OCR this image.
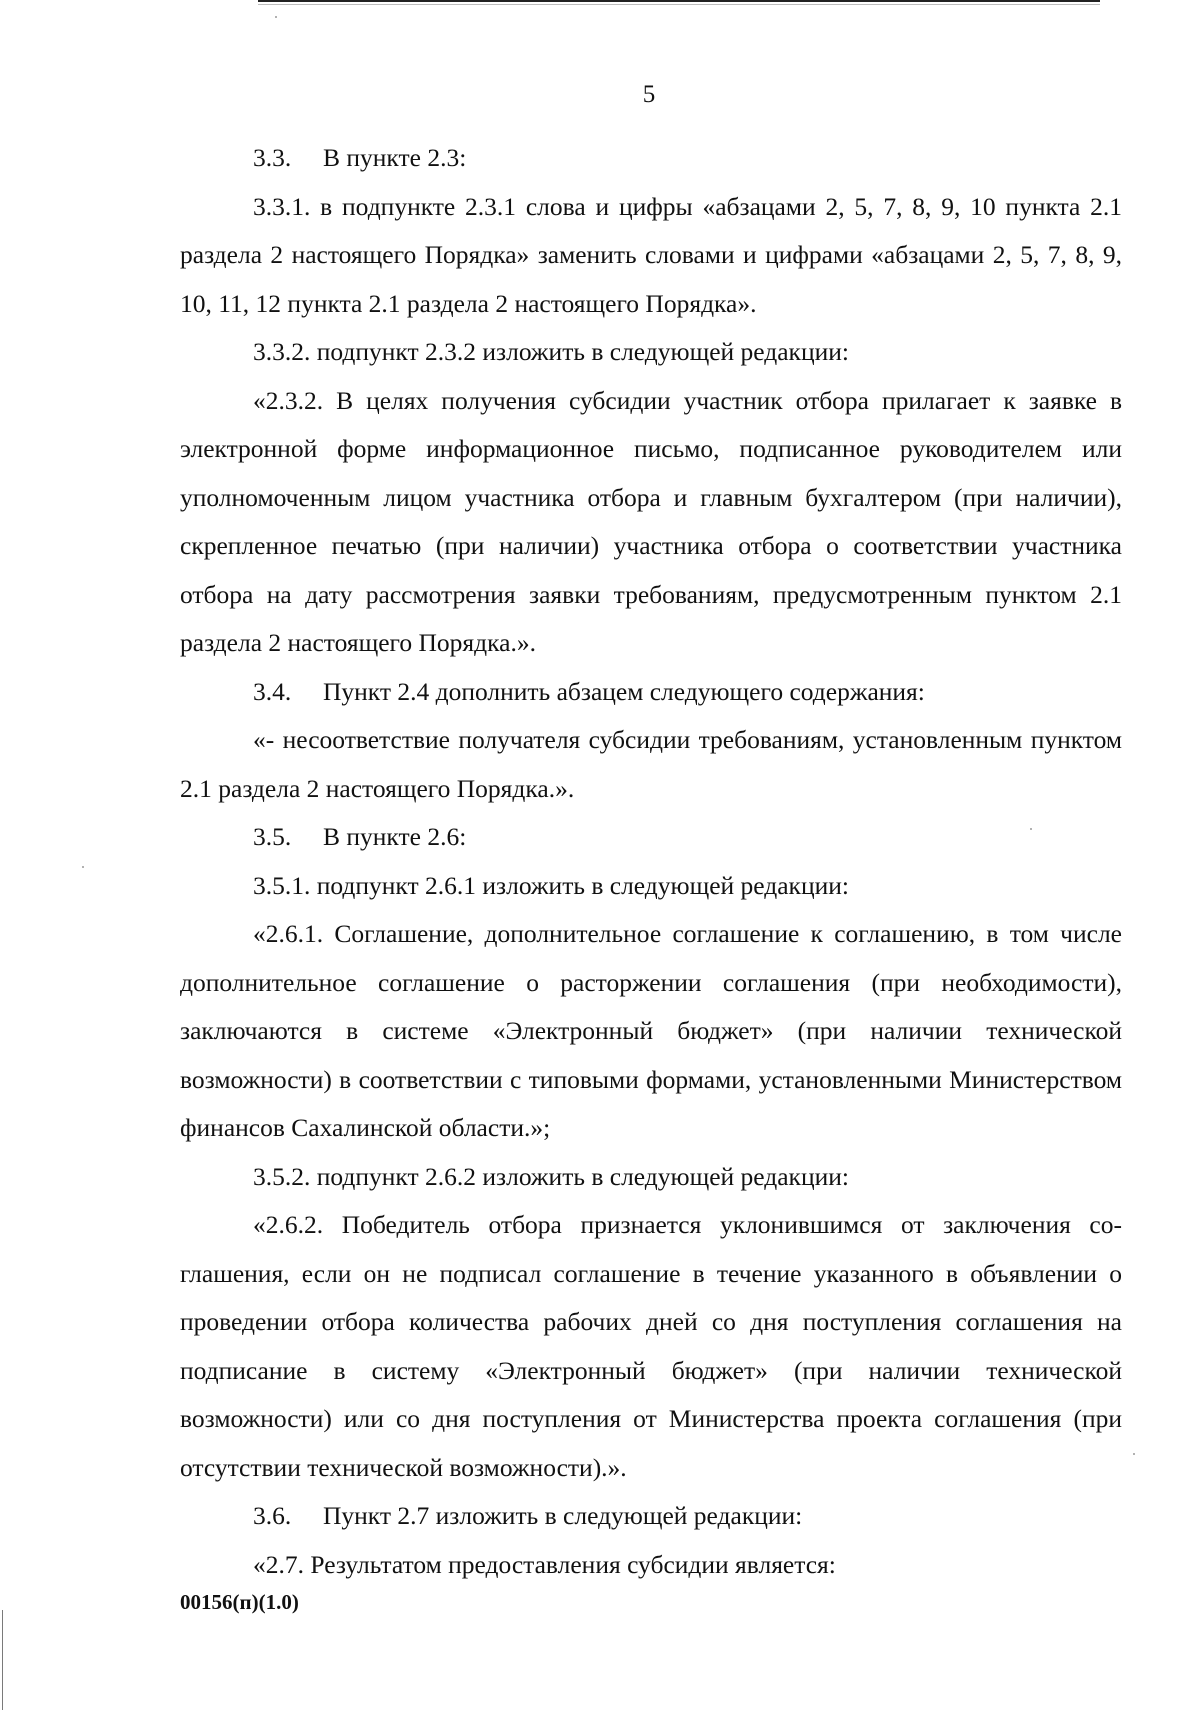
5

3.3. В пункте 2.3:

3.3.1. в подпункте 2.3.1 слова и цифры «абзацами 2, 5, 7, 8, 9, 10 пункта 2.1 раздела 2 настоящего Порядка» заменить словами и цифрами «абзацами 2, 5, 7, 8, 9, 10, 11, 12 пункта 2.1 раздела 2 настоящего Порядка».

3.3.2. подпункт 2.3.2 изложить в следующей редакции:

«2.3.2. В целях получения субсидии участник отбора прилагает к заявке в электронной форме информационное письмо, подписанное руководителем или уполномоченным лицом участника отбора и главным бухгалтером (при наличии), скрепленное печатью (при наличии) участника отбора о соответствии участника отбора на дату рассмотрения заявки требованиям, предусмотренным пунктом 2.1 раздела 2 настоящего Порядка.».

3.4. Пункт 2.4 дополнить абзацем следующего содержания:

«- несоответствие получателя субсидии требованиям, установленным пунктом 2.1 раздела 2 настоящего Порядка.».

3.5. В пункте 2.6:

3.5.1. подпункт 2.6.1 изложить в следующей редакции:

«2.6.1. Соглашение, дополнительное соглашение к соглашению, в том числе дополнительное соглашение о расторжении соглашения (при необходимости), заключаются в системе «Электронный бюджет» (при наличии технической возможности) в соответствии с типовыми формами, установленными Министерством финансов Сахалинской области.»;

3.5.2. подпункт 2.6.2 изложить в следующей редакции:

«2.6.2. Победитель отбора признается уклонившимся от заключения соглашения, если он не подписал соглашение в течение указанного в объявлении о проведении отбора количества рабочих дней со дня поступления соглашения на подписание в систему «Электронный бюджет» (при наличии технической возможности) или со дня поступления от Министерства проекта соглашения (при отсутствии технической возможности).».

3.6. Пункт 2.7 изложить в следующей редакции:

«2.7. Результатом предоставления субсидии является:

00156(п)(1.0)
